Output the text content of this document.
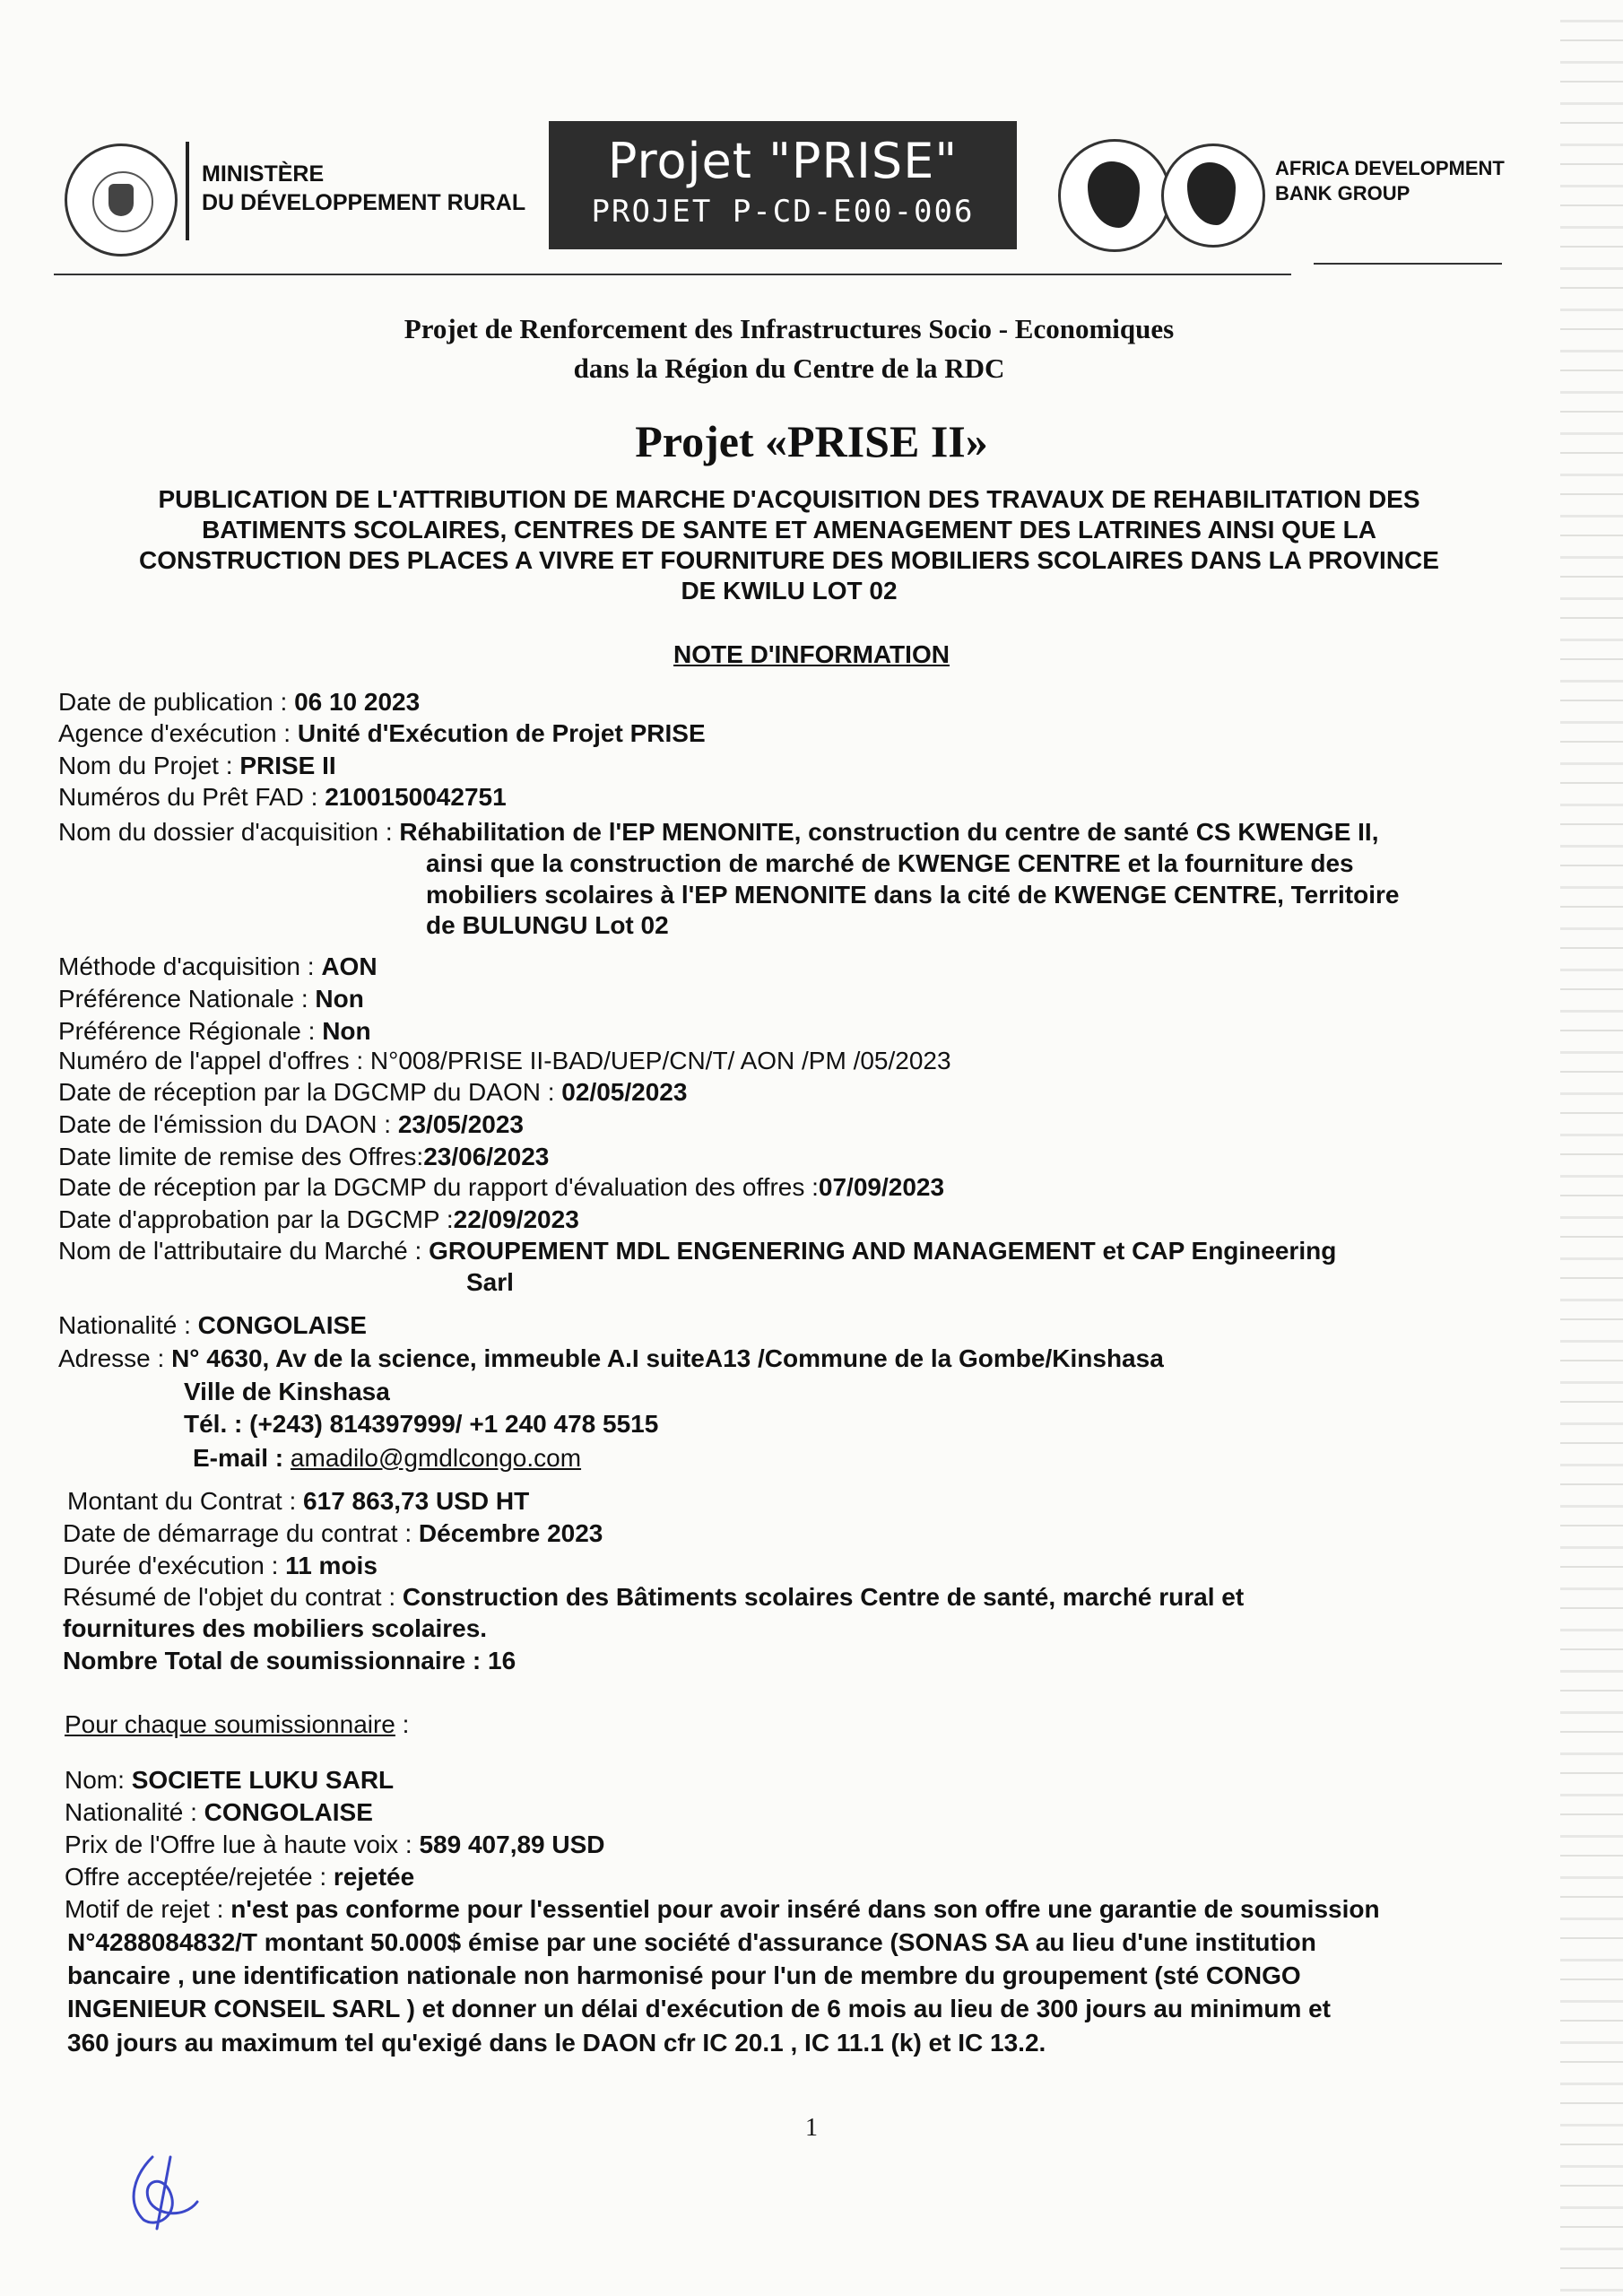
MINISTÈRE
DU DÉVELOPPEMENT RURAL
Projet "PRISE"
PROJET P-CD-E00-006
AFRICA DEVELOPMENT
BANK GROUP
Projet de Renforcement des Infrastructures Socio - Economiques
dans la Région du Centre de la RDC
Projet «PRISE II»
PUBLICATION DE L'ATTRIBUTION DE MARCHE D'ACQUISITION DES TRAVAUX DE REHABILITATION DES
BATIMENTS SCOLAIRES, CENTRES DE SANTE ET AMENAGEMENT DES LATRINES AINSI QUE LA
CONSTRUCTION DES PLACES A VIVRE ET FOURNITURE DES MOBILIERS SCOLAIRES DANS LA PROVINCE
DE KWILU LOT 02
NOTE D'INFORMATION
Date de publication : 06 10 2023
Agence d'exécution : Unité d'Exécution de Projet PRISE
Nom du Projet : PRISE II
Numéros du Prêt FAD : 2100150042751
Nom du dossier d'acquisition : Réhabilitation de l'EP MENONITE, construction du centre de santé CS KWENGE II,
ainsi que la construction de marché de KWENGE CENTRE et la fourniture des
mobiliers scolaires à l'EP MENONITE dans la cité de KWENGE CENTRE, Territoire
de BULUNGU Lot 02
Méthode d'acquisition : AON
Préférence Nationale : Non
Préférence Régionale : Non
Numéro de l'appel d'offres : N°008/PRISE II-BAD/UEP/CN/T/ AON /PM /05/2023
Date de réception par la DGCMP du DAON : 02/05/2023
Date de l'émission du DAON : 23/05/2023
Date limite de remise des Offres:23/06/2023
Date de réception par la DGCMP du rapport d'évaluation des offres :07/09/2023
Date d'approbation par la DGCMP :22/09/2023
Nom de l'attributaire du Marché : GROUPEMENT MDL ENGENERING AND MANAGEMENT et CAP Engineering
Sarl
Nationalité : CONGOLAISE
Adresse : N° 4630, Av de la science, immeuble A.I suiteA13 /Commune de la Gombe/Kinshasa
Ville de Kinshasa
Tél. : (+243) 814397999/ +1 240 478 5515
E-mail : amadilo@gmdlcongo.com
Montant du Contrat : 617 863,73 USD HT
Date de démarrage du contrat : Décembre 2023
Durée d'exécution : 11 mois
Résumé de l'objet du contrat : Construction des Bâtiments scolaires Centre de santé, marché rural et
fournitures des mobiliers scolaires.
Nombre Total de soumissionnaire : 16
Pour chaque soumissionnaire :
Nom: SOCIETE LUKU SARL
Nationalité : CONGOLAISE
Prix de l'Offre lue à haute voix : 589 407,89 USD
Offre acceptée/rejetée : rejetée
Motif de rejet : n'est pas conforme pour l'essentiel pour avoir inséré dans son offre une garantie de soumission
N°4288084832/T montant 50.000$ émise par une société d'assurance (SONAS SA au lieu d'une institution
bancaire , une identification nationale non harmonisé pour l'un de membre du groupement (sté CONGO
INGENIEUR CONSEIL SARL ) et donner un délai d'exécution de 6 mois au lieu de 300 jours au minimum et
360 jours au maximum tel qu'exigé dans le DAON cfr IC 20.1 , IC 11.1 (k) et IC 13.2.
1
